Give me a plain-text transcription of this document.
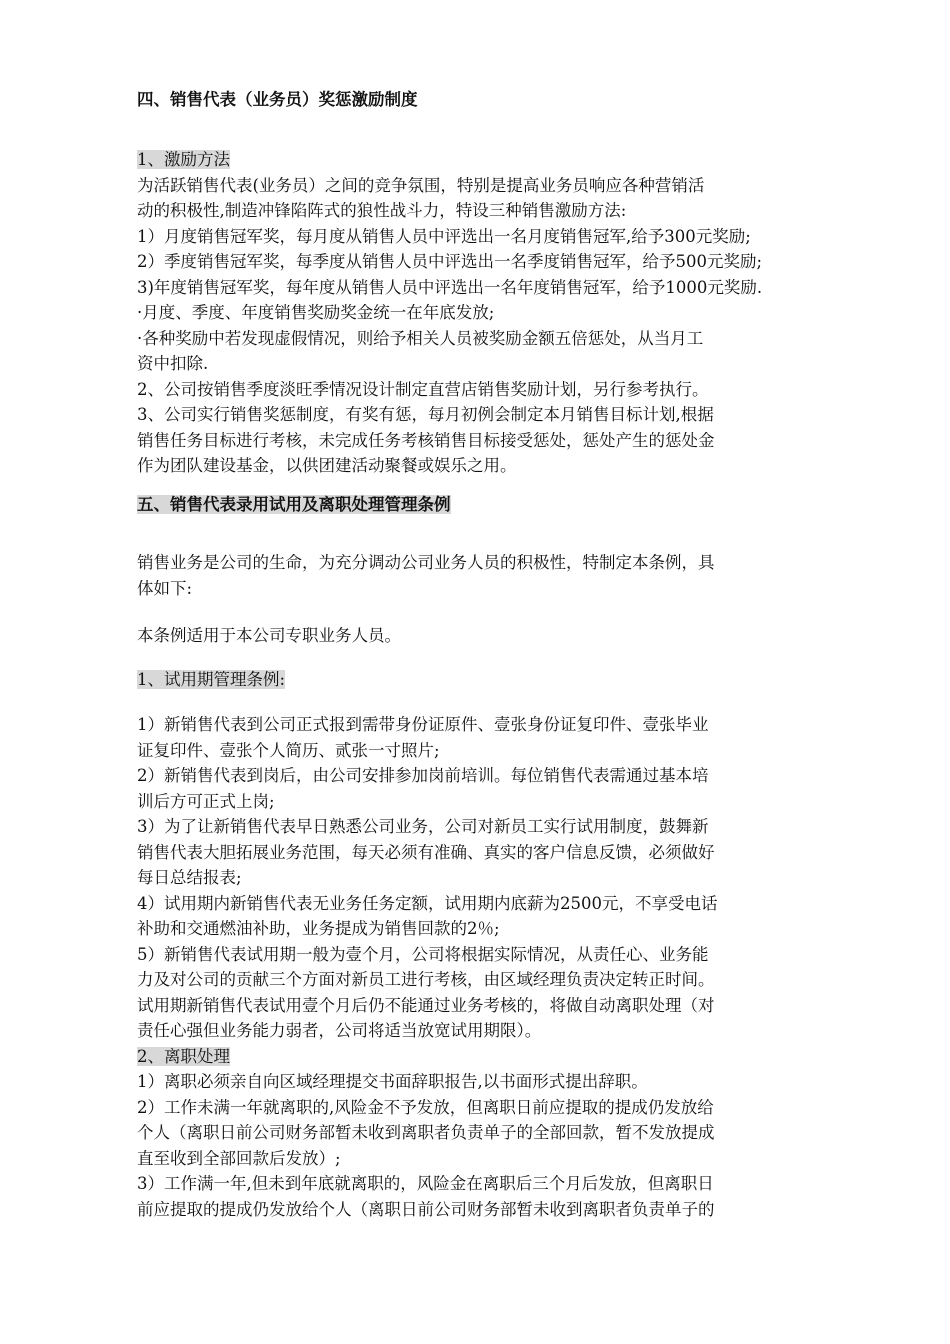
四、销售代表（业务员）奖惩激励制度

1、激励方法

为活跃销售代表(业务员）之间的竞争氛围，特别是提高业务员响应各种营销活

动的积极性,制造冲锋陷阵式的狼性战斗力，特设三种销售激励方法:

1）月度销售冠军奖，每月度从销售人员中评选出一名月度销售冠军,给予300元奖励;

2）季度销售冠军奖，每季度从销售人员中评选出一名季度销售冠军，给予500元奖励;

3)年度销售冠军奖，每年度从销售人员中评选出一名年度销售冠军，给予1000元奖励.

·月度、季度、年度销售奖励奖金统一在年底发放;

·各种奖励中若发现虚假情况，则给予相关人员被奖励金额五倍惩处，从当月工

资中扣除.

2、公司按销售季度淡旺季情况设计制定直营店销售奖励计划，另行参考执行。

3、公司实行销售奖惩制度，有奖有惩，每月初例会制定本月销售目标计划,根据

销售任务目标进行考核，未完成任务考核销售目标接受惩处，惩处产生的惩处金

作为团队建设基金，以供团建活动聚餐或娱乐之用。

五、销售代表录用试用及离职处理管理条例

销售业务是公司的生命，为充分调动公司业务人员的积极性，特制定本条例，具

体如下:

本条例适用于本公司专职业务人员。

1、试用期管理条例:

1）新销售代表到公司正式报到需带身份证原件、壹张身份证复印件、壹张毕业

证复印件、壹张个人简历、贰张一寸照片;

2）新销售代表到岗后，由公司安排参加岗前培训。每位销售代表需通过基本培

训后方可正式上岗;

3）为了让新销售代表早日熟悉公司业务，公司对新员工实行试用制度，鼓舞新

销售代表大胆拓展业务范围，每天必须有准确、真实的客户信息反馈，必须做好

每日总结报表;

4）试用期内新销售代表无业务任务定额，试用期内底薪为2500元，不享受电话

补助和交通燃油补助，业务提成为销售回款的2％;

5）新销售代表试用期一般为壹个月，公司将根据实际情况，从责任心、业务能

力及对公司的贡献三个方面对新员工进行考核，由区域经理负责决定转正时间。

试用期新销售代表试用壹个月后仍不能通过业务考核的，将做自动离职处理（对

责任心强但业务能力弱者，公司将适当放宽试用期限）。

2、离职处理

1）离职必须亲自向区域经理提交书面辞职报告,以书面形式提出辞职。

2）工作未满一年就离职的,风险金不予发放，但离职日前应提取的提成仍发放给

个人（离职日前公司财务部暂未收到离职者负责单子的全部回款，暂不发放提成

直至收到全部回款后发放）;

3）工作满一年,但未到年底就离职的，风险金在离职后三个月后发放，但离职日

前应提取的提成仍发放给个人（离职日前公司财务部暂未收到离职者负责单子的
